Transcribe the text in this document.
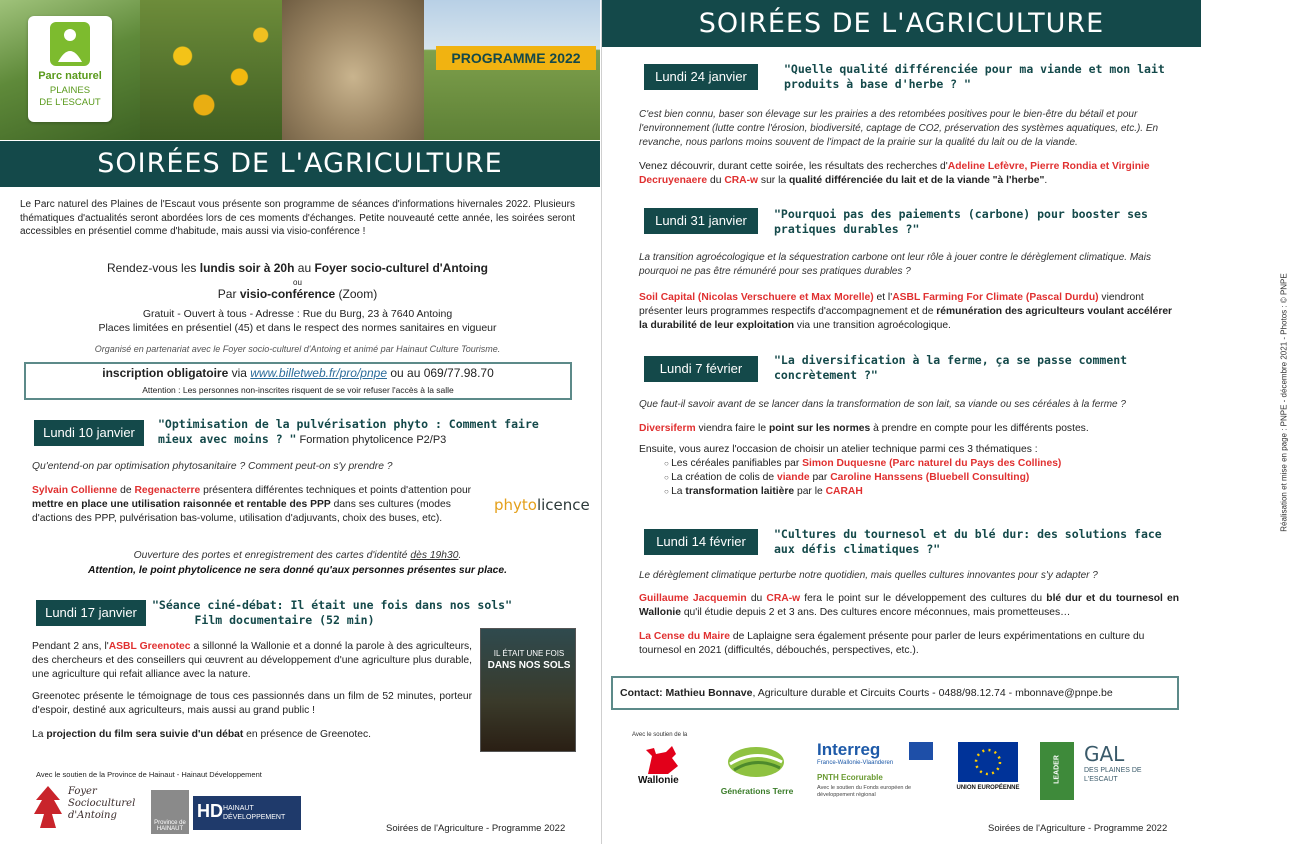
PROGRAMME 2022
Parc naturel
PLAINES
DE L'ESCAUT
SOIRÉES DE L'AGRICULTURE
Le Parc naturel des Plaines de l'Escaut vous présente son programme de séances d'informations hivernales 2022. Plusieurs thématiques d'actualités seront abordées lors de ces moments d'échanges. Petite nouveauté cette année, les soirées seront accessibles en présentiel comme d'habitude, mais aussi via visio-conférence !
Rendez-vous les lundis soir à 20h au Foyer socio-culturel d'Antoing
ou
Par visio-conférence (Zoom)
Gratuit - Ouvert à tous - Adresse : Rue du Burg, 23 à 7640 Antoing
Places limitées en présentiel (45) et dans le respect des normes sanitaires en vigueur
Organisé en partenariat avec le Foyer socio-culturel d'Antoing et animé par Hainaut Culture Tourisme.
inscription obligatoire via www.billetweb.fr/pro/pnpe ou au 069/77.98.70
Attention : Les personnes non-inscrites risquent de se voir refuser l'accès à la salle
Lundi 10 janvier
"Optimisation de la pulvérisation phyto : Comment faire mieux avec moins ? " Formation phytolicence P2/P3
Qu'entend-on par optimisation phytosanitaire ? Comment peut-on s'y prendre ?
Sylvain Collienne de Regenacterre présentera différentes techniques et points d'attention pour mettre en place une utilisation raisonnée et rentable des PPP dans ses cultures (modes d'actions des PPP, pulvérisation bas-volume, utilisation d'adjuvants, choix des buses, etc).
phytolicence
Ouverture des portes et enregistrement des cartes d'identité dès 19h30.
Attention, le point phytolicence ne sera donné qu'aux personnes présentes sur place.
Lundi 17 janvier	"Séance ciné-débat: Il était une fois dans nos sols"
Film documentaire (52 min)
Pendant 2 ans, l'ASBL Greenotec a sillonné la Wallonie et a donné la parole à des agriculteurs, des chercheurs et des conseillers qui œuvrent au développement d'une agriculture plus durable, une agriculture qui refait alliance avec la nature.
Greenotec présente le témoignage de tous ces passionnés dans un film de 52 minutes, porteur d'espoir, destiné aux agriculteurs, mais aussi au grand public !
La projection du film sera suivie d'un débat en présence de Greenotec.
IL ÉTAIT UNE FOIS
DANS NOS SOLS
Avec le soutien de la Province de Hainaut - Hainaut Développement
Foyer Socioculturel d'Antoing
Province de HAINAUT
HD HAINAUT DÉVELOPPEMENT
Soirées de l'Agriculture - Programme 2022
SOIRÉES DE L'AGRICULTURE
Lundi 24 janvier	"Quelle qualité différenciée pour ma viande et mon lait produits à base d'herbe ? "
C'est bien connu, baser son élevage sur les prairies a des retombées positives pour le bien-être du bétail et pour l'environnement (lutte contre l'érosion, biodiversité, captage de CO2, préservation des systèmes aquatiques, etc.). En revanche, nous parlons moins souvent de l'impact de la prairie sur la qualité du lait ou de la viande.
Venez découvrir, durant cette soirée, les résultats des recherches d'Adeline Lefèvre, Pierre Rondia et Virginie Decruyenaere du CRA-w sur la qualité différenciée du lait et de la viande "à l'herbe".
Lundi 31 janvier	"Pourquoi pas des paiements (carbone) pour booster ses pratiques durables ?"
La transition agroécologique et la séquestration carbone ont leur rôle à jouer contre le dérèglement climatique. Mais pourquoi ne pas être rémunéré pour ses pratiques durables ?
Soil Capital (Nicolas Verschuere et Max Morelle) et l'ASBL Farming For Climate (Pascal Durdu) viendront présenter leurs programmes respectifs d'accompagnement et de rémunération des agriculteurs voulant accélérer la durabilité de leur exploitation via une transition agroécologique.
Lundi 7 février
"La diversification à la ferme, ça se passe comment concrètement ?"
Que faut-il savoir avant de se lancer dans la transformation de son lait, sa viande ou ses céréales à la ferme ?
Diversiferm viendra faire le point sur les normes à prendre en compte pour les différents postes.
Ensuite, vous aurez l'occasion de choisir un atelier technique parmi ces 3 thématiques :
○ Les céréales panifiables par Simon Duquesne (Parc naturel du Pays des Collines)
○ La création de colis de viande par Caroline Hanssens (Bluebell Consulting)
○ La transformation laitière par le CARAH
Lundi 14 février	"Cultures du tournesol et du blé dur: des solutions face aux défis climatiques ?"
Le dérèglement climatique perturbe notre quotidien, mais quelles cultures innovantes pour s'y adapter ?
Guillaume Jacquemin du CRA-w fera le point sur le développement des cultures du blé dur et du tournesol en Wallonie qu'il étudie depuis 2 et 3 ans. Des cultures encore méconnues, mais prometteuses…
La Cense du Maire de Laplaigne sera également présente pour parler de leurs expérimentations en culture du tournesol en 2021 (difficultés, débouchés, perspectives, etc.).
Contact: Mathieu Bonnave, Agriculture durable et Circuits Courts - 0488/98.12.74 - mbonnave@pnpe.be
Réalisation et mise en page : PNPE - décembre 2021 - Photos : © PNPE
Avec le soutien de la
Wallonie
Générations Terre
Interreg
France-Wallonie-Vlaanderen
PNTH Ecorurable
Avec le soutien du Fonds européen de développement régional
UNION EUROPÉENNE
LEADER
GAL
DES PLAINES DE L'ESCAUT
Soirées de l'Agriculture - Programme 2022
